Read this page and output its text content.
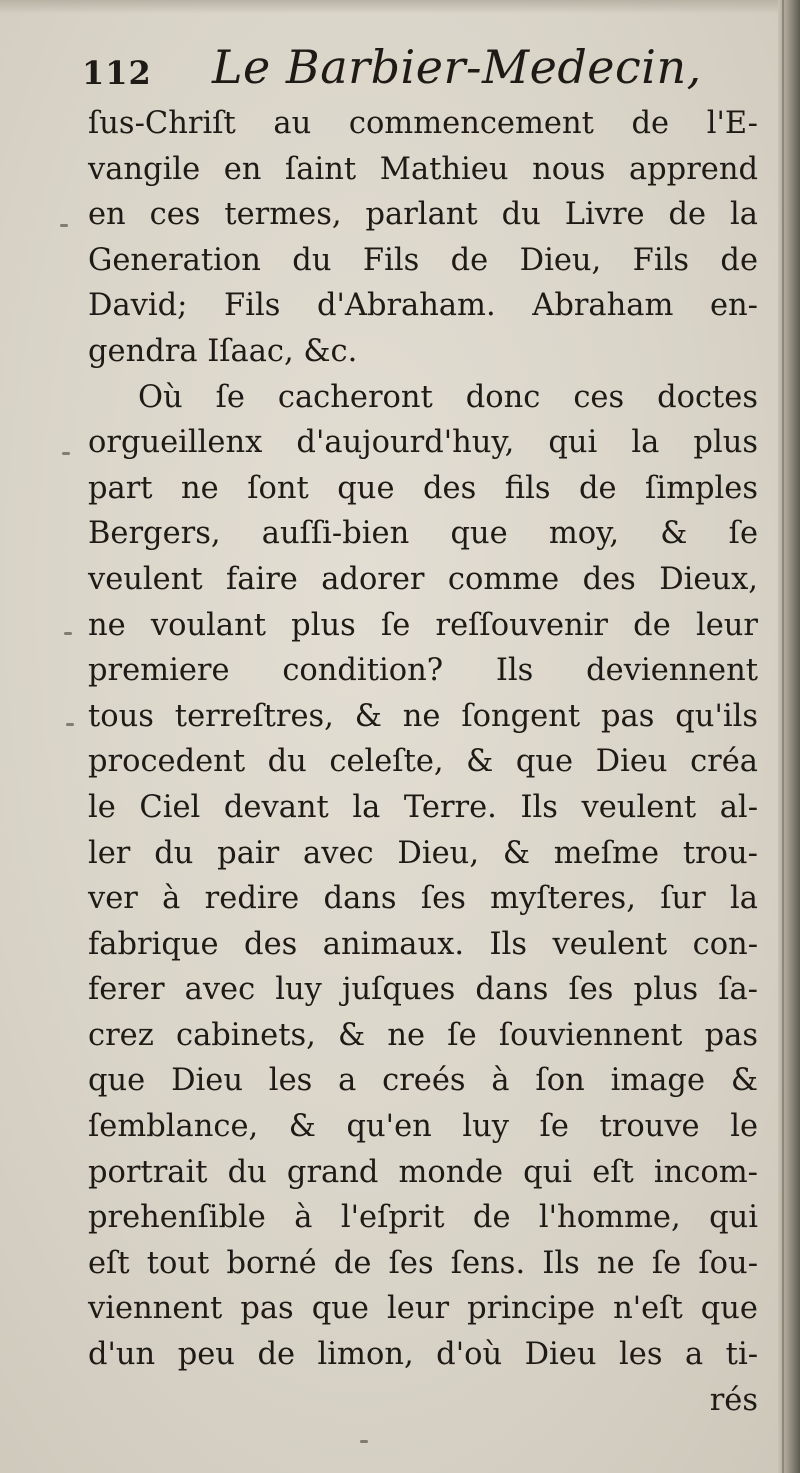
112 Le Barbier-Medecin,
ſus-Chriſt au commencement de l'E-
vangile en ſaint Mathieu nous apprend
en ces termes, parlant du Livre de la
Generation du Fils de Dieu, Fils de
David; Fils d'Abraham. Abraham en-
gendra Iſaac, &c.
Où ſe cacheront donc ces doctes
orgueillenx d'aujourd'huy, qui la plus
part ne ſont que des fils de ſimples
Bergers, auſſi-bien que moy, & ſe
veulent faire adorer comme des Dieux,
ne voulant plus ſe reſſouvenir de leur
premiere condition? Ils deviennent
tous terreſtres, & ne ſongent pas qu'ils
procedent du celeſte, & que Dieu créa
le Ciel devant la Terre. Ils veulent al-
ler du pair avec Dieu, & meſme trou-
ver à redire dans ſes myſteres, ſur la
fabrique des animaux. Ils veulent con-
ferer avec luy juſques dans ſes plus ſa-
crez cabinets, & ne ſe ſouviennent pas
que Dieu les a creés à ſon image &
ſemblance, & qu'en luy ſe trouve le
portrait du grand monde qui eſt incom-
prehenſible à l'eſprit de l'homme, qui
eſt tout borné de ſes ſens. Ils ne ſe ſou-
viennent pas que leur principe n'eſt que
d'un peu de limon, d'où Dieu les a ti-
rés
